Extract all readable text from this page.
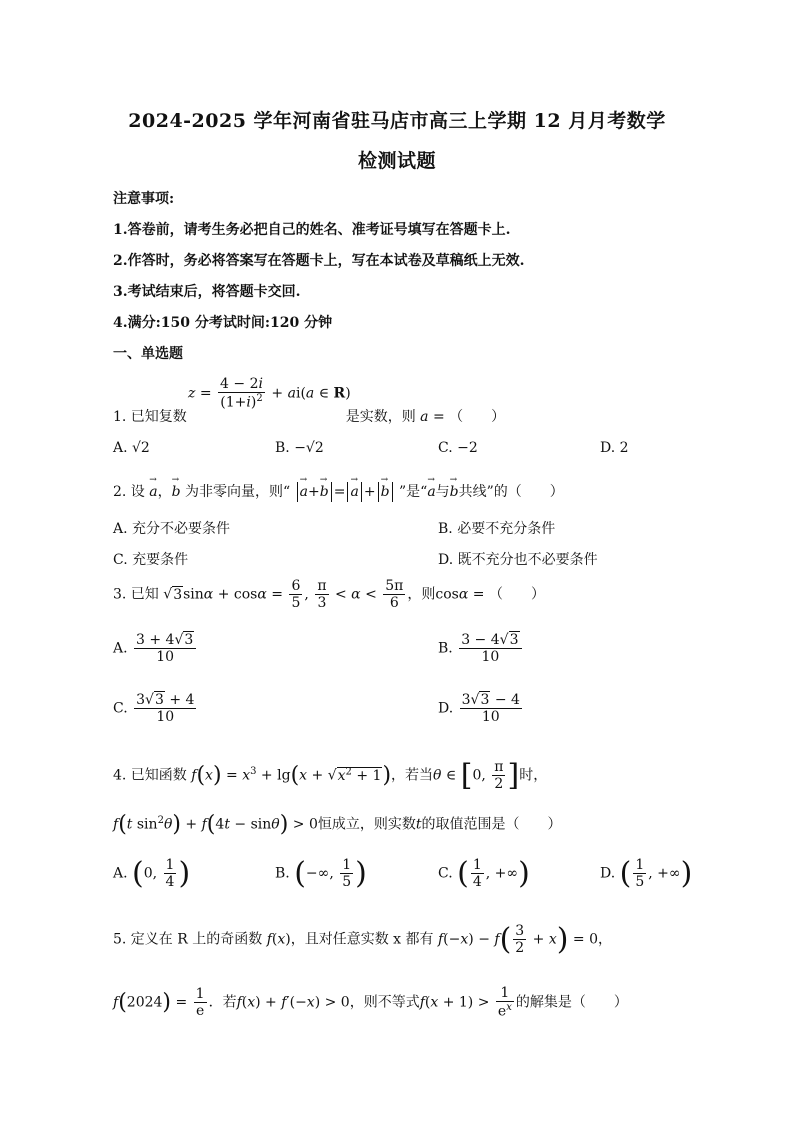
2024-2025 学年河南省驻马店市高三上学期 12 月月考数学
检测试题
注意事项:
1.答卷前，请考生务必把自己的姓名、准考证号填写在答题卡上.
2.作答时，务必将答案写在答题卡上，写在本试卷及草稿纸上无效.
3.考试结束后，将答题卡交回.
4.满分:150 分考试时间:120 分钟
一、单选题
$z = \frac{4 - 2i}{(1+i)^2} + ai(a$ ∈ R)
1. 已知复数	是实数，则 a = （　　）
A. √2	B. −√2	C. −2	D. 2
2. 设 → a，→ b 为非零向量，则“ → a+→ b = → a + → b ”是“→ a与→ b共线”的（　　）
A. 充分不必要条件	B. 必要不充分条件
C. 充要条件	D. 既不充分也不必要条件
3. 已知 $√3\sin\alpha + \cos\alpha = \frac{6}{5}$ , $\frac{\pi}{3} < \alpha < \frac{5\pi}{6}$ ，则cosα = （　　）
A. $\frac{3 + 4√3}{10}$	B. $\frac{3 - 4√3}{10}$
C. $\frac{3√3 + 4}{10}$	D. $\frac{3√3 - 4}{10}$
4. 已知函数 $f(x) = x^3 + \lg(x + √x^2 + 1)$，若当θ ∈ [0, $\frac{\pi}{2}$ ]时，
f(t $\sin^2\theta) + f(4t - \sin\theta) > 0$恒成立，则实数t的取值范围是（　　）
A. (0, $\frac{1}{4}$ )	B. (−∞, $\frac{1}{5}$ )	C. ( $\frac{1}{4}$ , +∞)	D. ( $\frac{1}{5}$ , +∞)
5. 定义在 R 上的奇函数 f(x)，且对任意实数 x 都有 $f(-x) - f( \frac{3}{2} + x) = 0$，
$f(2024) = \frac{1}{e}$ ．若f(x) + f′(−x) > 0，则不等式$f(x + 1) > \frac{1}{e^x}$ 的解集是（　　）
